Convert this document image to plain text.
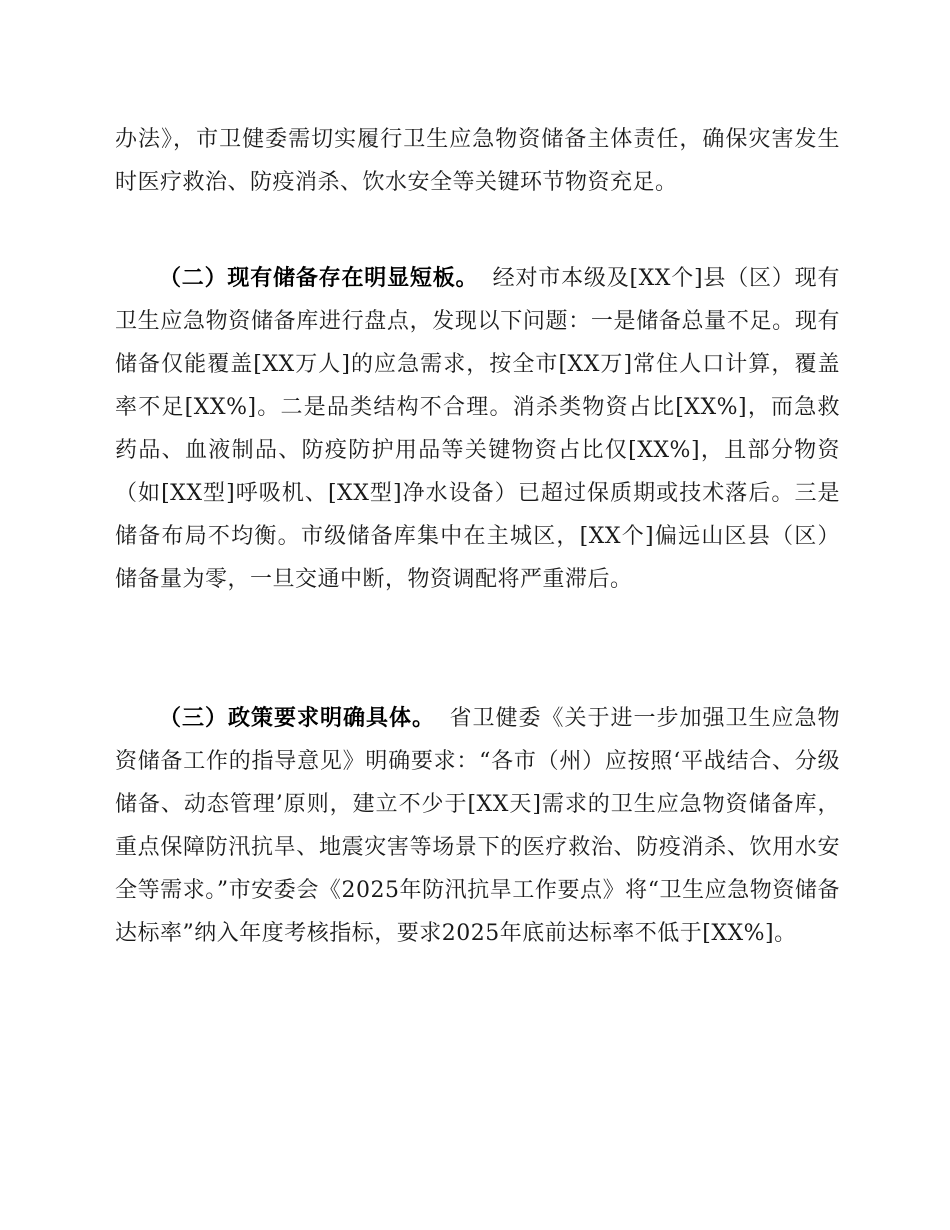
办法》，市卫健委需切实履行卫生应急物资储备主体责任，确保灾害发生时医疗救治、防疫消杀、饮水安全等关键环节物资充足。

（二）现有储备存在明显短板。 经对市本级及[XX个]县（区）现有卫生应急物资储备库进行盘点，发现以下问题：一是储备总量不足。现有储备仅能覆盖[XX万人]的应急需求，按全市[XX万]常住人口计算，覆盖率不足[XX%]。二是品类结构不合理。消杀类物资占比[XX%]，而急救药品、血液制品、防疫防护用品等关键物资占比仅[XX%]，且部分物资（如[XX型]呼吸机、[XX型]净水设备）已超过保质期或技术落后。三是储备布局不均衡。市级储备库集中在主城区，[XX个]偏远山区县（区）储备量为零，一旦交通中断，物资调配将严重滞后。

（三）政策要求明确具体。 省卫健委《关于进一步加强卫生应急物资储备工作的指导意见》明确要求：“各市（州）应按照‘平战结合、分级储备、动态管理’原则，建立不少于[XX天]需求的卫生应急物资储备库，重点保障防汛抗旱、地震灾害等场景下的医疗救治、防疫消杀、饮用水安全等需求。”市安委会《2025年防汛抗旱工作要点》将“卫生应急物资储备达标率”纳入年度考核指标，要求2025年底前达标率不低于[XX%]。
